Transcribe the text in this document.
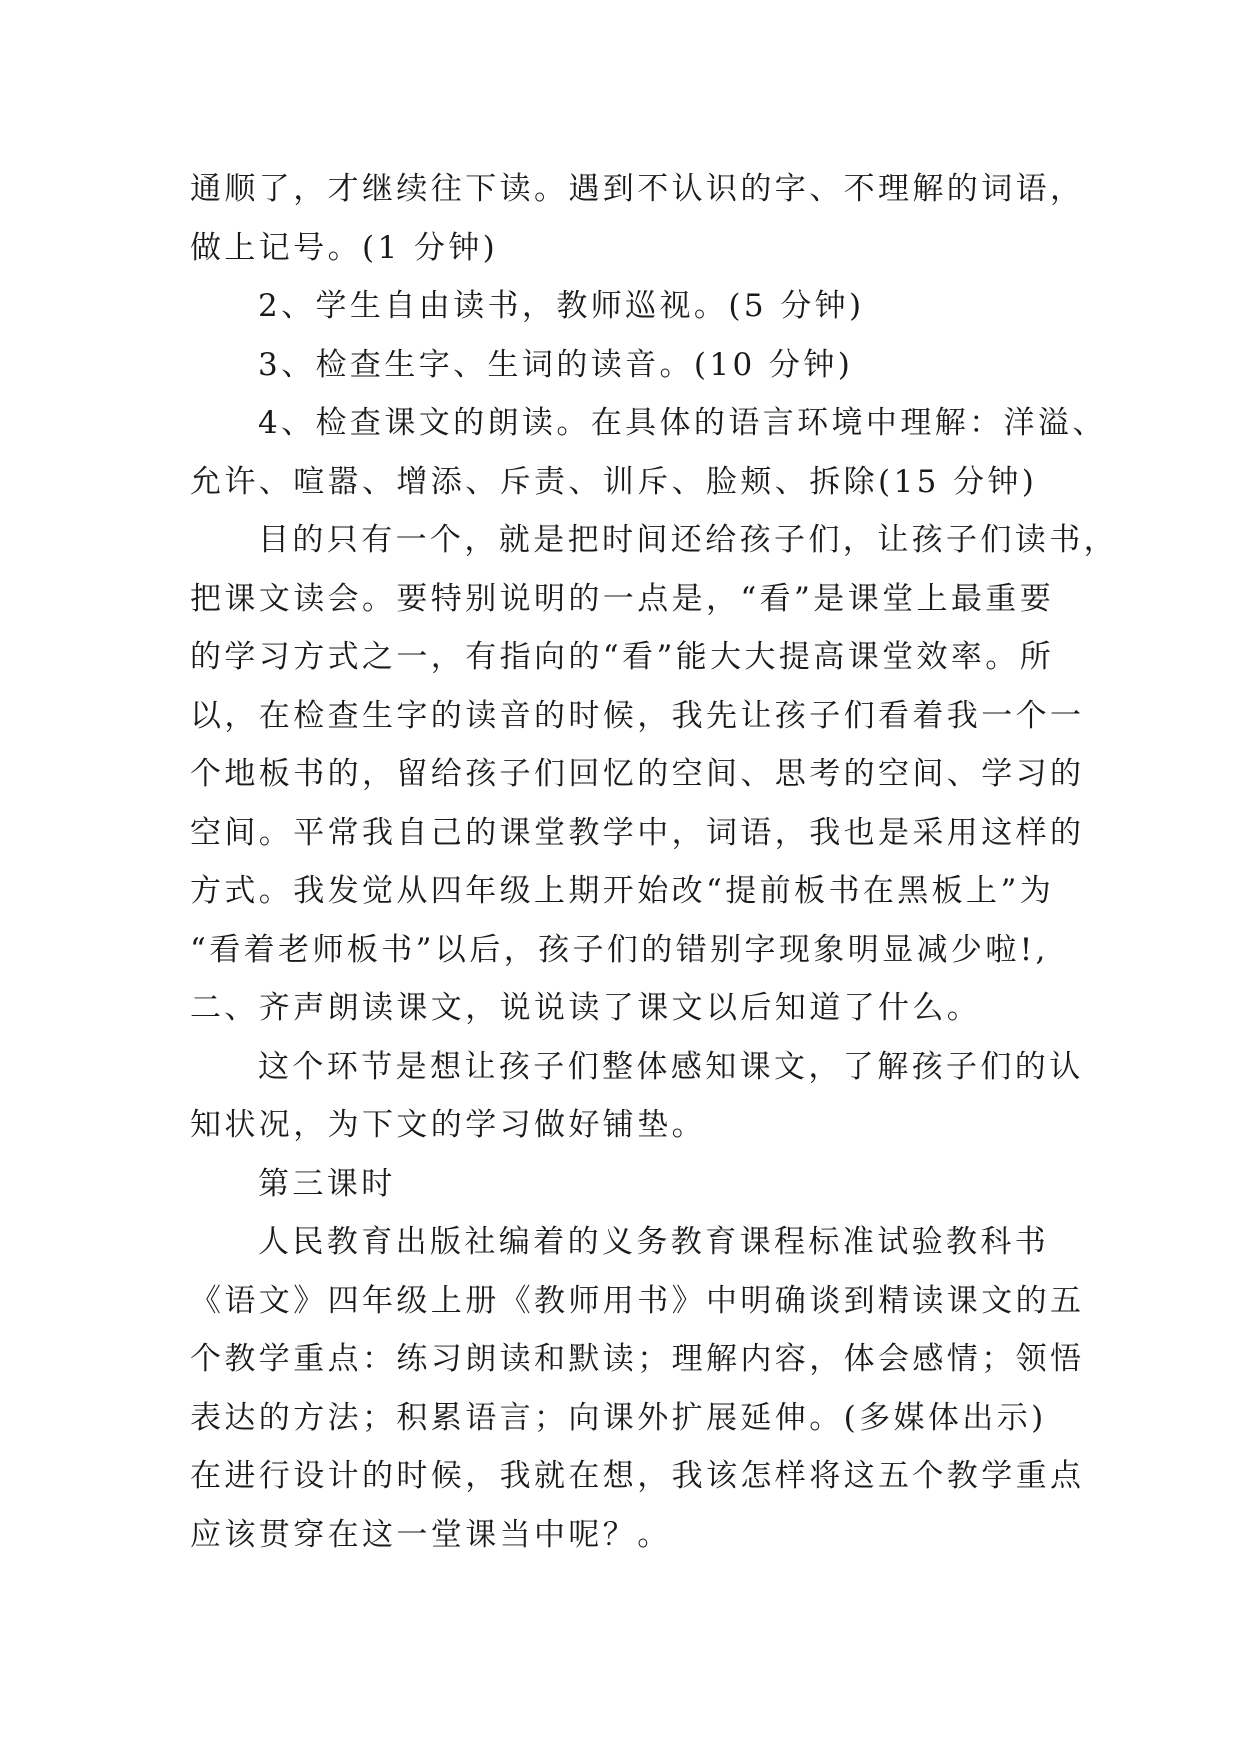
通顺了，才继续往下读。遇到不认识的字、不理解的词语，
做上记号。(1 分钟)
2、学生自由读书，教师巡视。(5 分钟)
3、检查生字、生词的读音。(10 分钟)
4、检查课文的朗读。在具体的语言环境中理解：洋溢、
允许、喧嚣、增添、斥责、训斥、脸颊、拆除(15 分钟)
目的只有一个，就是把时间还给孩子们，让孩子们读书，
把课文读会。要特别说明的一点是，“看”是课堂上最重要
的学习方式之一，有指向的“看”能大大提高课堂效率。所
以，在检查生字的读音的时候，我先让孩子们看着我一个一
个地板书的，留给孩子们回忆的空间、思考的空间、学习的
空间。平常我自己的课堂教学中，词语，我也是采用这样的
方式。我发觉从四年级上期开始改“提前板书在黑板上”为
“看着老师板书”以后，孩子们的错别字现象明显减少啦!,
二、齐声朗读课文，说说读了课文以后知道了什么。
这个环节是想让孩子们整体感知课文，了解孩子们的认
知状况，为下文的学习做好铺垫。
第三课时
人民教育出版社编着的义务教育课程标准试验教科书
《语文》四年级上册《教师用书》中明确谈到精读课文的五
个教学重点：练习朗读和默读；理解内容，体会感情；领悟
表达的方法；积累语言；向课外扩展延伸。(多媒体出示)
在进行设计的时候，我就在想，我该怎样将这五个教学重点
应该贯穿在这一堂课当中呢？。
